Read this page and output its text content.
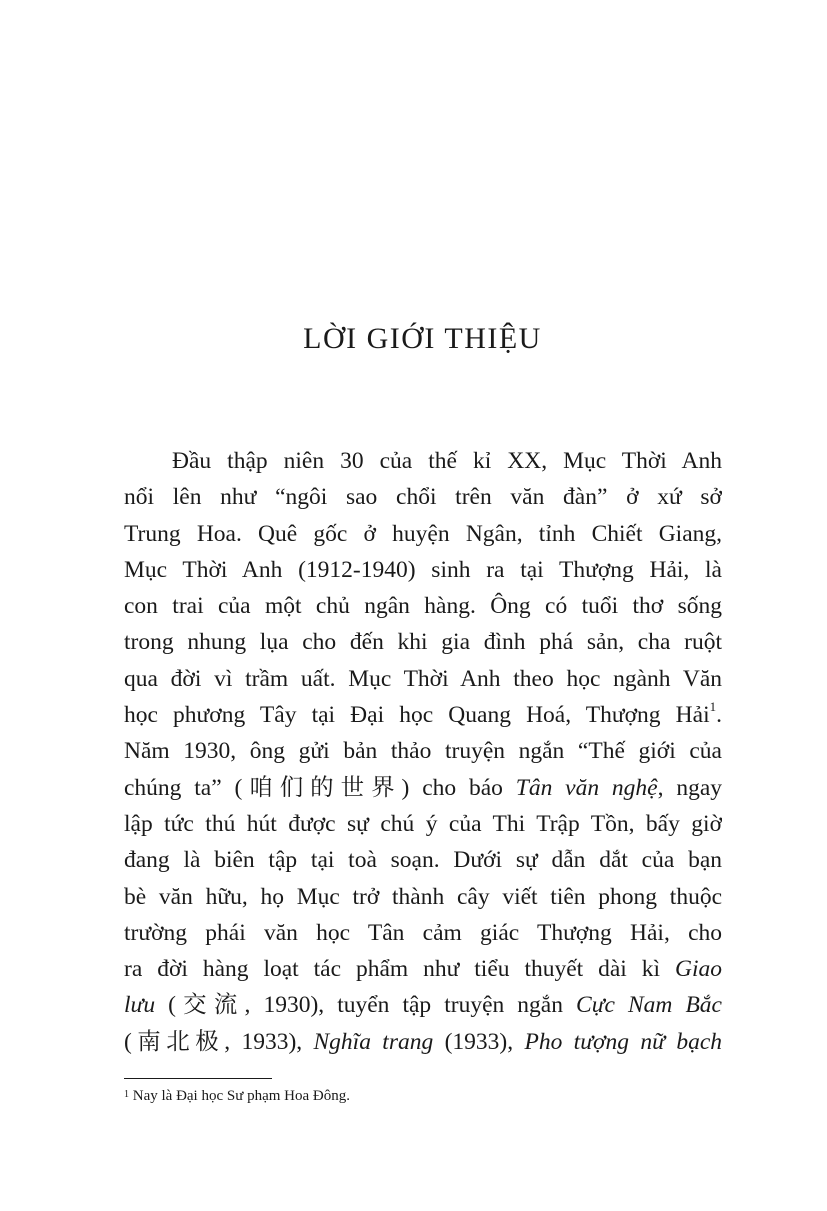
LỜI GIỚI THIỆU
Đầu thập niên 30 của thế kỉ XX, Mục Thời Anh
nổi lên như “ngôi sao chổi trên văn đàn” ở xứ sở
Trung Hoa. Quê gốc ở huyện Ngân, tỉnh Chiết Giang,
Mục Thời Anh (1912-1940) sinh ra tại Thượng Hải, là
con trai của một chủ ngân hàng. Ông có tuổi thơ sống
trong nhung lụa cho đến khi gia đình phá sản, cha ruột
qua đời vì trầm uất. Mục Thời Anh theo học ngành Văn
học phương Tây tại Đại học Quang Hoá, Thượng Hải$^1$.
Năm 1930, ông gửi bản thảo truyện ngắn “Thế giới của
chúng ta” (咱们的世界) cho báo Tân văn nghệ, ngay
lập tức thú hút được sự chú ý của Thi Trập Tồn, bấy giờ
đang là biên tập tại toà soạn. Dưới sự dẫn dắt của bạn
bè văn hữu, họ Mục trở thành cây viết tiên phong thuộc
trường phái văn học Tân cảm giác Thượng Hải, cho
ra đời hàng loạt tác phẩm như tiểu thuyết dài kì Giao
lưu (交流, 1930), tuyển tập truyện ngắn Cực Nam Bắc
(南北极, 1933), Nghĩa trang (1933), Pho tượng nữ bạch
$^1$ Nay là Đại học Sư phạm Hoa Đông.
